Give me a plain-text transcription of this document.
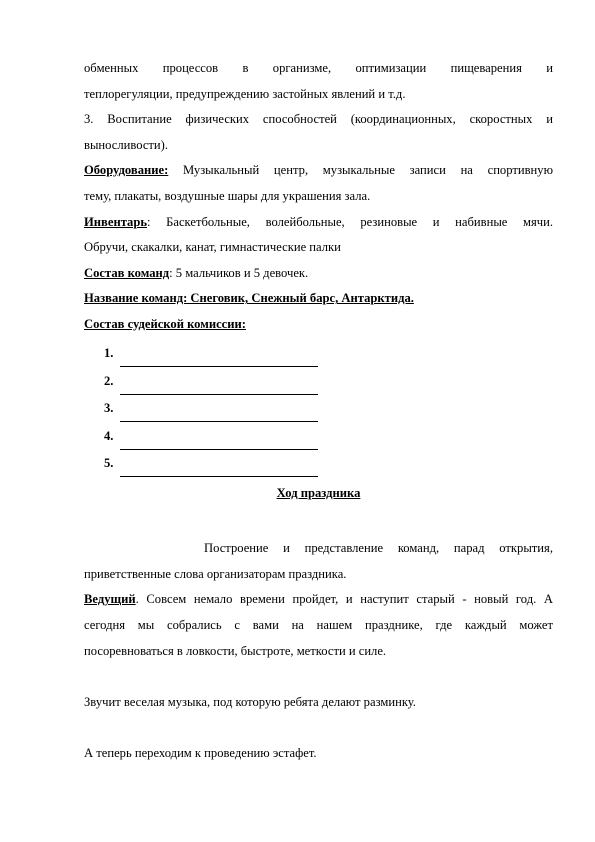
обменных процессов в организме, оптимизации пищеварения и

теплорегуляции, предупреждению застойных явлений и т.д.

3. Воспитание физических способностей (координационных, скоростных и

выносливости).

Оборудование: Музыкальный центр, музыкальные записи на спортивную

тему, плакаты, воздушные шары для украшения зала.

Инвентарь: Баскетбольные, волейбольные, резиновые и набивные мячи.

Обручи, скакалки, канат, гимнастические палки

Состав команд: 5 мальчиков и 5 девочек.

Название команд: Снеговик, Снежный барс, Антарктида.

Состав судейской комиссии:

1.
2.
3.
4.
5.

Ход праздника

Построение и представление команд, парад открытия,

приветственные слова организаторам праздника.

Ведущий. Совсем немало времени пройдет, и наступит старый - новый год. А

сегодня мы собрались с вами на нашем празднике, где каждый может

посоревноваться в ловкости, быстроте, меткости и силе.

Звучит веселая музыка, под которую ребята делают разминку.

А теперь переходим к проведению эстафет.
